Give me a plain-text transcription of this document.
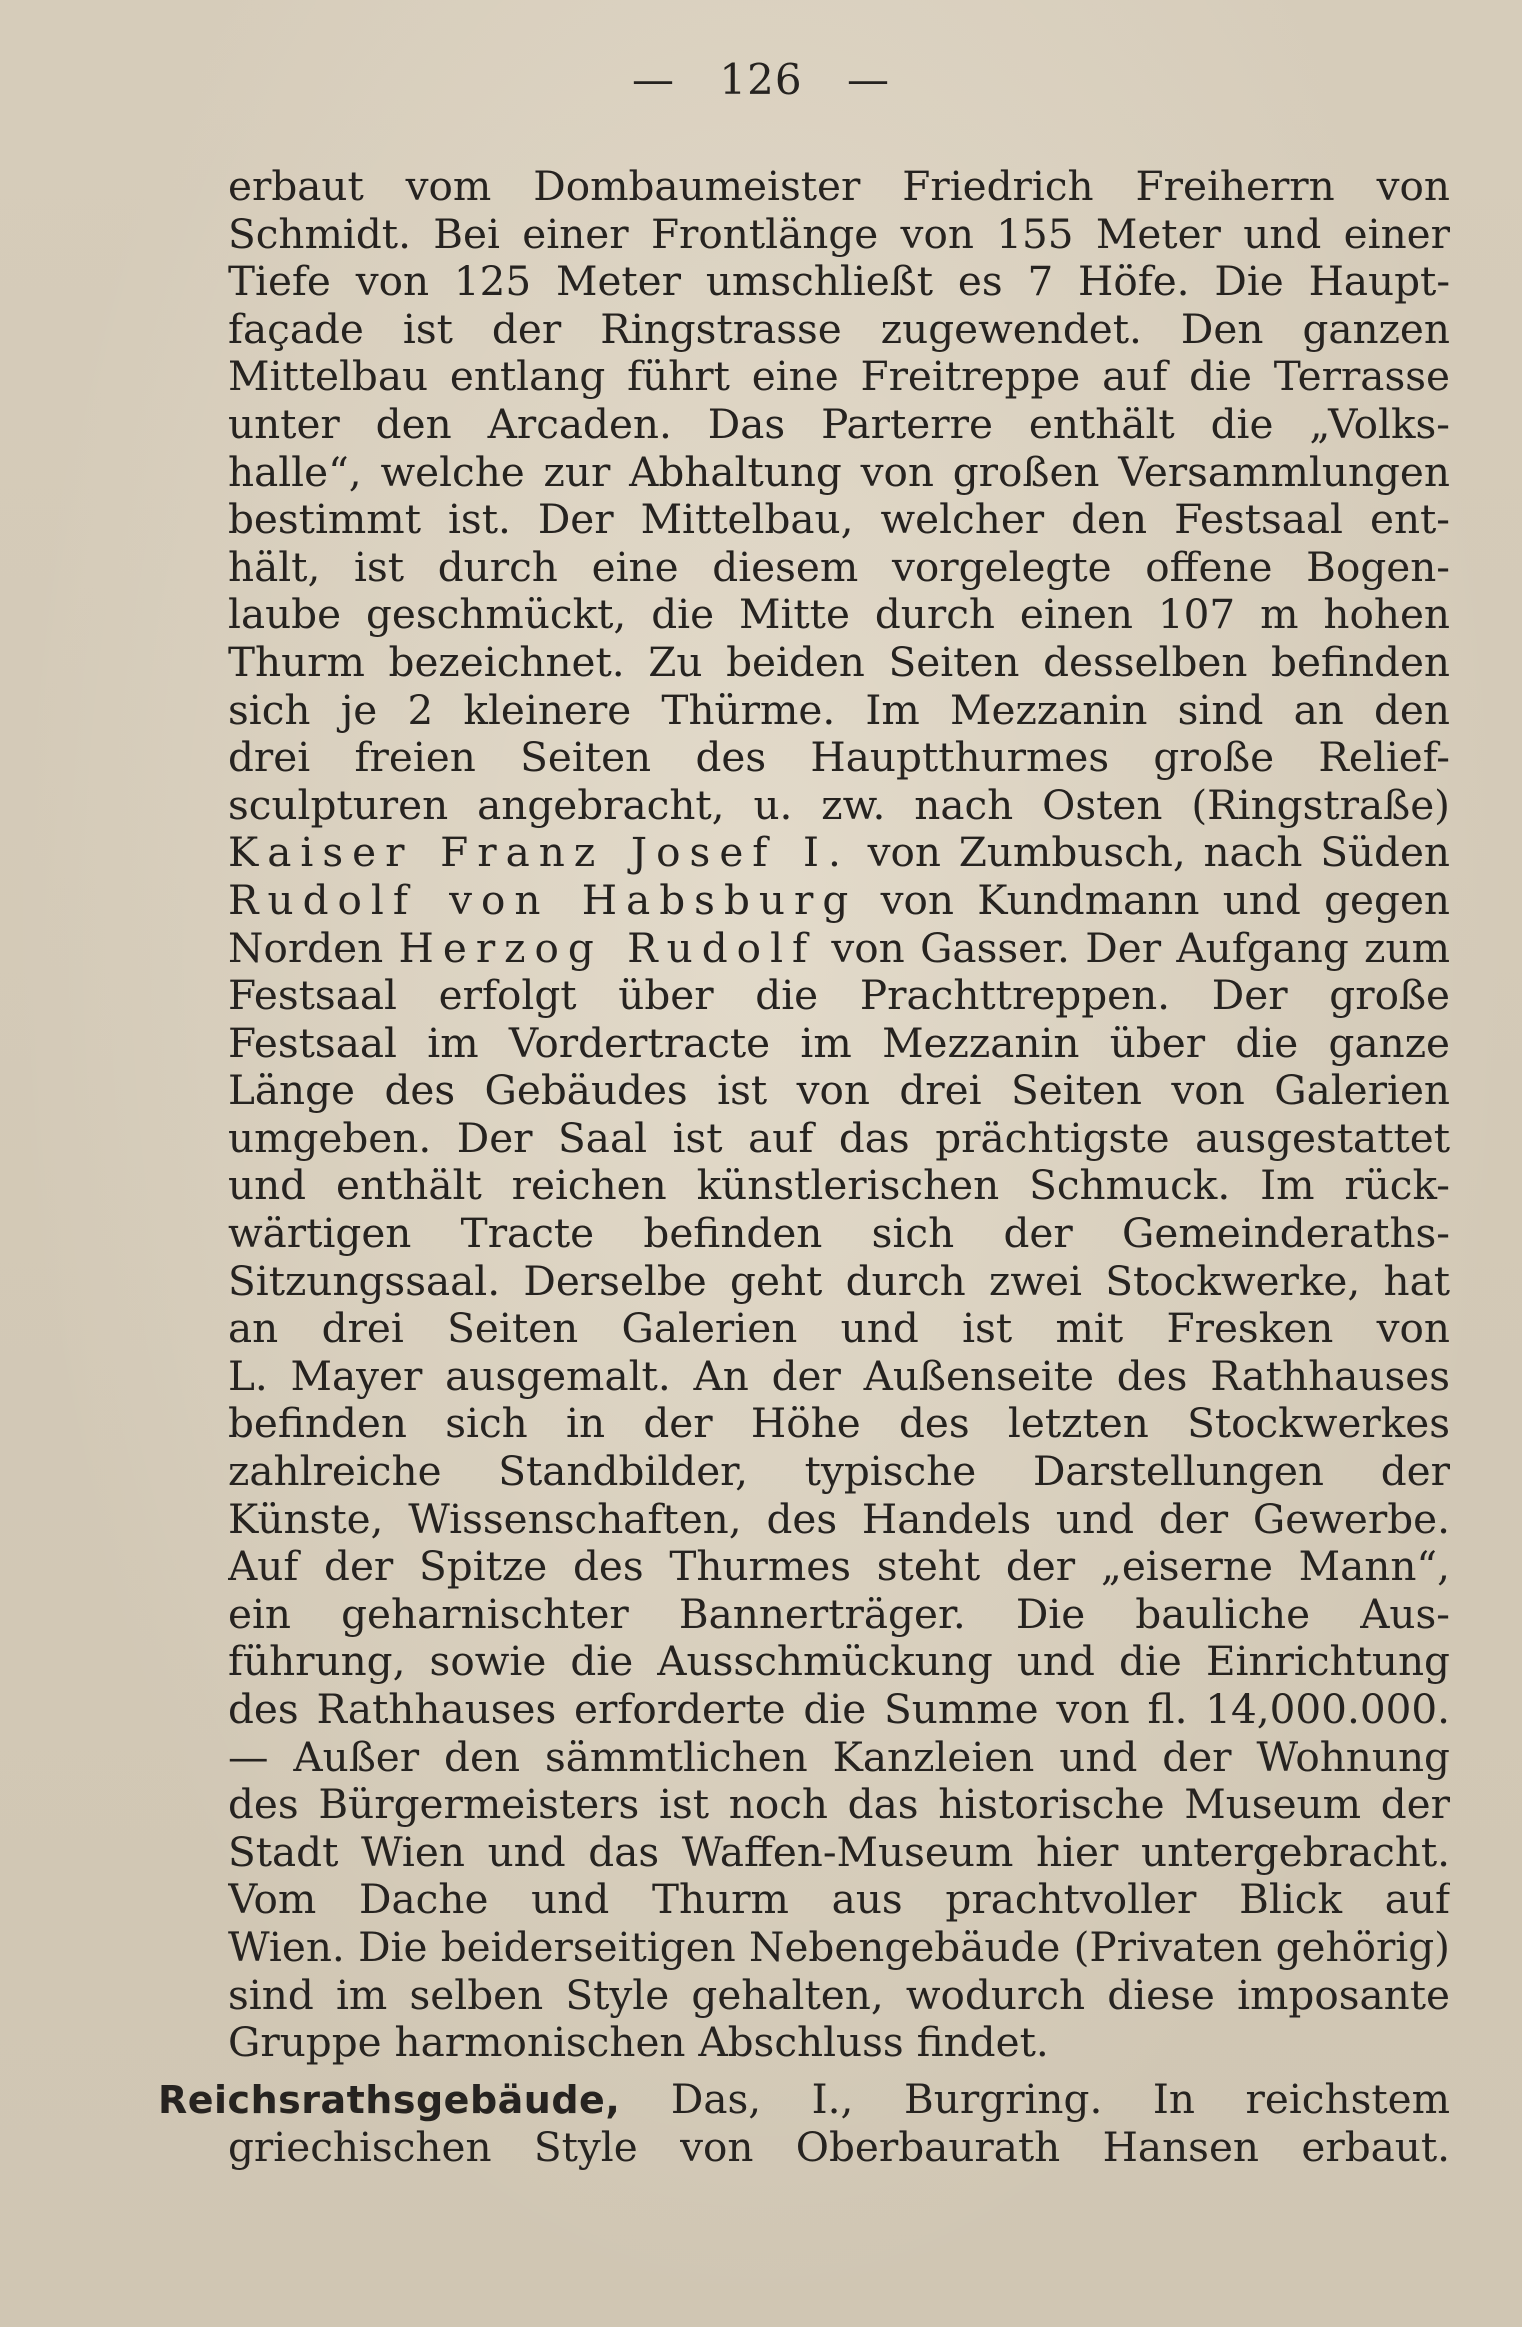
— 126 —
erbaut vom Dombaumeister Friedrich Freiherrn von
Schmidt. Bei einer Frontlänge von 155 Meter und einer
Tiefe von 125 Meter umschließt es 7 Höfe. Die Haupt-
façade ist der Ringstrasse zugewendet. Den ganzen
Mittelbau entlang führt eine Freitreppe auf die Terrasse
unter den Arcaden. Das Parterre enthält die „Volks-
halle“, welche zur Abhaltung von großen Versammlungen
bestimmt ist. Der Mittelbau, welcher den Festsaal ent-
hält, ist durch eine diesem vorgelegte offene Bogen-
laube geschmückt, die Mitte durch einen 107 m hohen
Thurm bezeichnet. Zu beiden Seiten desselben befinden
sich je 2 kleinere Thürme. Im Mezzanin sind an den
drei freien Seiten des Hauptthurmes große Relief-
sculpturen angebracht, u. zw. nach Osten (Ringstraße)
Kaiser Franz Josef I. von Zumbusch, nach Süden
Rudolf von Habsburg von Kundmann und gegen
Norden Herzog Rudolf von Gasser. Der Aufgang zum
Festsaal erfolgt über die Prachttreppen. Der große
Festsaal im Vordertracte im Mezzanin über die ganze
Länge des Gebäudes ist von drei Seiten von Galerien
umgeben. Der Saal ist auf das prächtigste ausgestattet
und enthält reichen künstlerischen Schmuck. Im rück-
wärtigen Tracte befinden sich der Gemeinderaths-
Sitzungssaal. Derselbe geht durch zwei Stockwerke, hat
an drei Seiten Galerien und ist mit Fresken von
L. Mayer ausgemalt. An der Außenseite des Rathhauses
befinden sich in der Höhe des letzten Stockwerkes
zahlreiche Standbilder, typische Darstellungen der
Künste, Wissenschaften, des Handels und der Gewerbe.
Auf der Spitze des Thurmes steht der „eiserne Mann“,
ein geharnischter Bannerträger. Die bauliche Aus-
führung, sowie die Ausschmückung und die Einrichtung
des Rathhauses erforderte die Summe von fl. 14,000.000.
— Außer den sämmtlichen Kanzleien und der Wohnung
des Bürgermeisters ist noch das historische Museum der
Stadt Wien und das Waffen-Museum hier untergebracht.
Vom Dache und Thurm aus prachtvoller Blick auf
Wien. Die beiderseitigen Nebengebäude (Privaten gehörig)
sind im selben Style gehalten, wodurch diese imposante
Gruppe harmonischen Abschluss findet.
Reichsrathsgebäude, Das, I., Burgring. In reichstem
griechischen Style von Oberbaurath Hansen erbaut.
